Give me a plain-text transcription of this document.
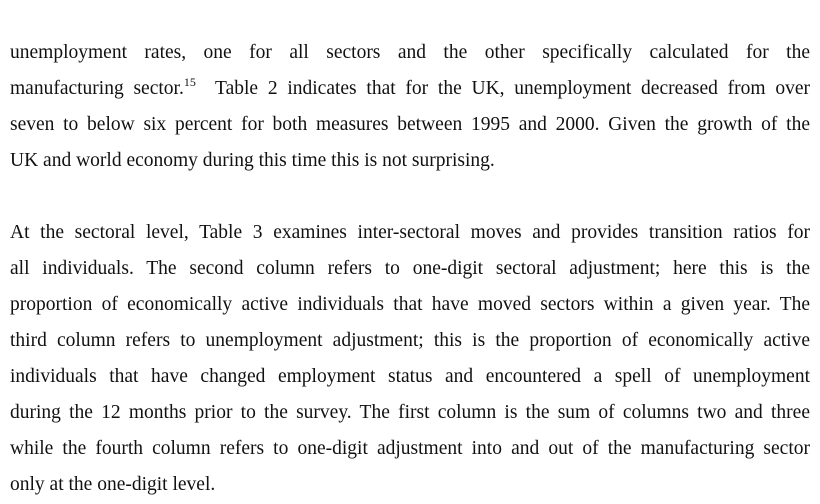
unemployment rates, one for all sectors and the other specifically calculated for the
manufacturing sector.$^{15}$ Table 2 indicates that for the UK, unemployment decreased from over
seven to below six percent for both measures between 1995 and 2000. Given the growth of the
UK and world economy during this time this is not surprising.

At the sectoral level, Table 3 examines inter-sectoral moves and provides transition ratios for
all individuals. The second column refers to one-digit sectoral adjustment; here this is the
proportion of economically active individuals that have moved sectors within a given year. The
third column refers to unemployment adjustment; this is the proportion of economically active
individuals that have changed employment status and encountered a spell of unemployment
during the 12 months prior to the survey. The first column is the sum of columns two and three
while the fourth column refers to one-digit adjustment into and out of the manufacturing sector
only at the one-digit level.
